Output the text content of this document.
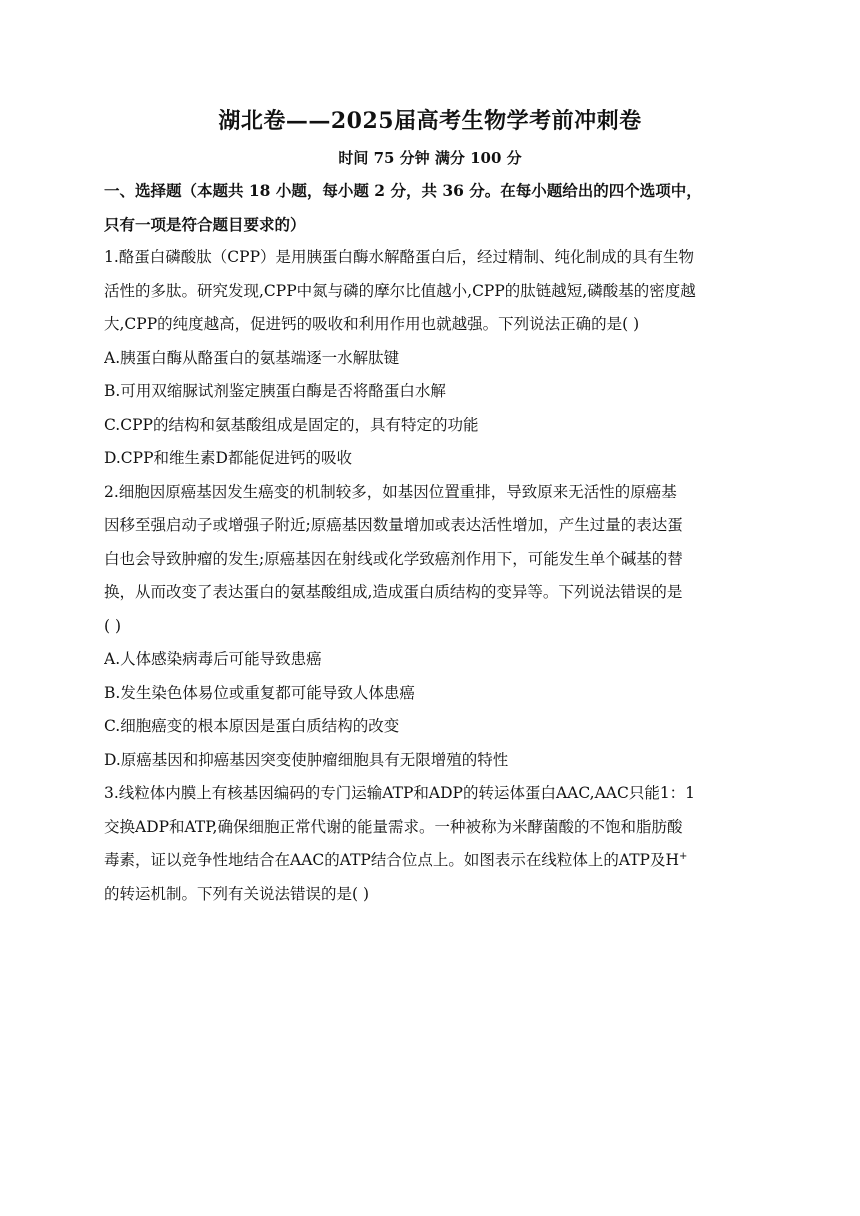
湖北卷——2025届高考生物学考前冲刺卷
时间 75 分钟 满分 100 分
一、选择题（本题共 18 小题，每小题 2 分，共 36 分。在每小题给出的四个选项中，
只有一项是符合题目要求的）
1.酪蛋白磷酸肽（CPP）是用胰蛋白酶水解酪蛋白后，经过精制、纯化制成的具有生物
活性的多肽。研究发现,CPP中氮与磷的摩尔比值越小,CPP的肽链越短,磷酸基的密度越
大,CPP的纯度越高，促进钙的吸收和利用作用也就越强。下列说法正确的是( )
A.胰蛋白酶从酪蛋白的氨基端逐一水解肽键
B.可用双缩脲试剂鉴定胰蛋白酶是否将酪蛋白水解
C.CPP的结构和氨基酸组成是固定的，具有特定的功能
D.CPP和维生素D都能促进钙的吸收
2.细胞因原癌基因发生癌变的机制较多，如基因位置重排，导致原来无活性的原癌基
因移至强启动子或增强子附近;原癌基因数量增加或表达活性增加，产生过量的表达蛋
白也会导致肿瘤的发生;原癌基因在射线或化学致癌剂作用下，可能发生单个碱基的替
换，从而改变了表达蛋白的氨基酸组成,造成蛋白质结构的变异等。下列说法错误的是
( )
A.人体感染病毒后可能导致患癌
B.发生染色体易位或重复都可能导致人体患癌
C.细胞癌变的根本原因是蛋白质结构的改变
D.原癌基因和抑癌基因突变使肿瘤细胞具有无限增殖的特性
3.线粒体内膜上有核基因编码的专门运输ATP和ADP的转运体蛋白AAC,AAC只能1：1
交换ADP和ATP,确保细胞正常代谢的能量需求。一种被称为米酵菌酸的不饱和脂肪酸
毒素，证以竞争性地结合在AAC的ATP结合位点上。如图表示在线粒体上的ATP及H+
的转运机制。下列有关说法错误的是( )
